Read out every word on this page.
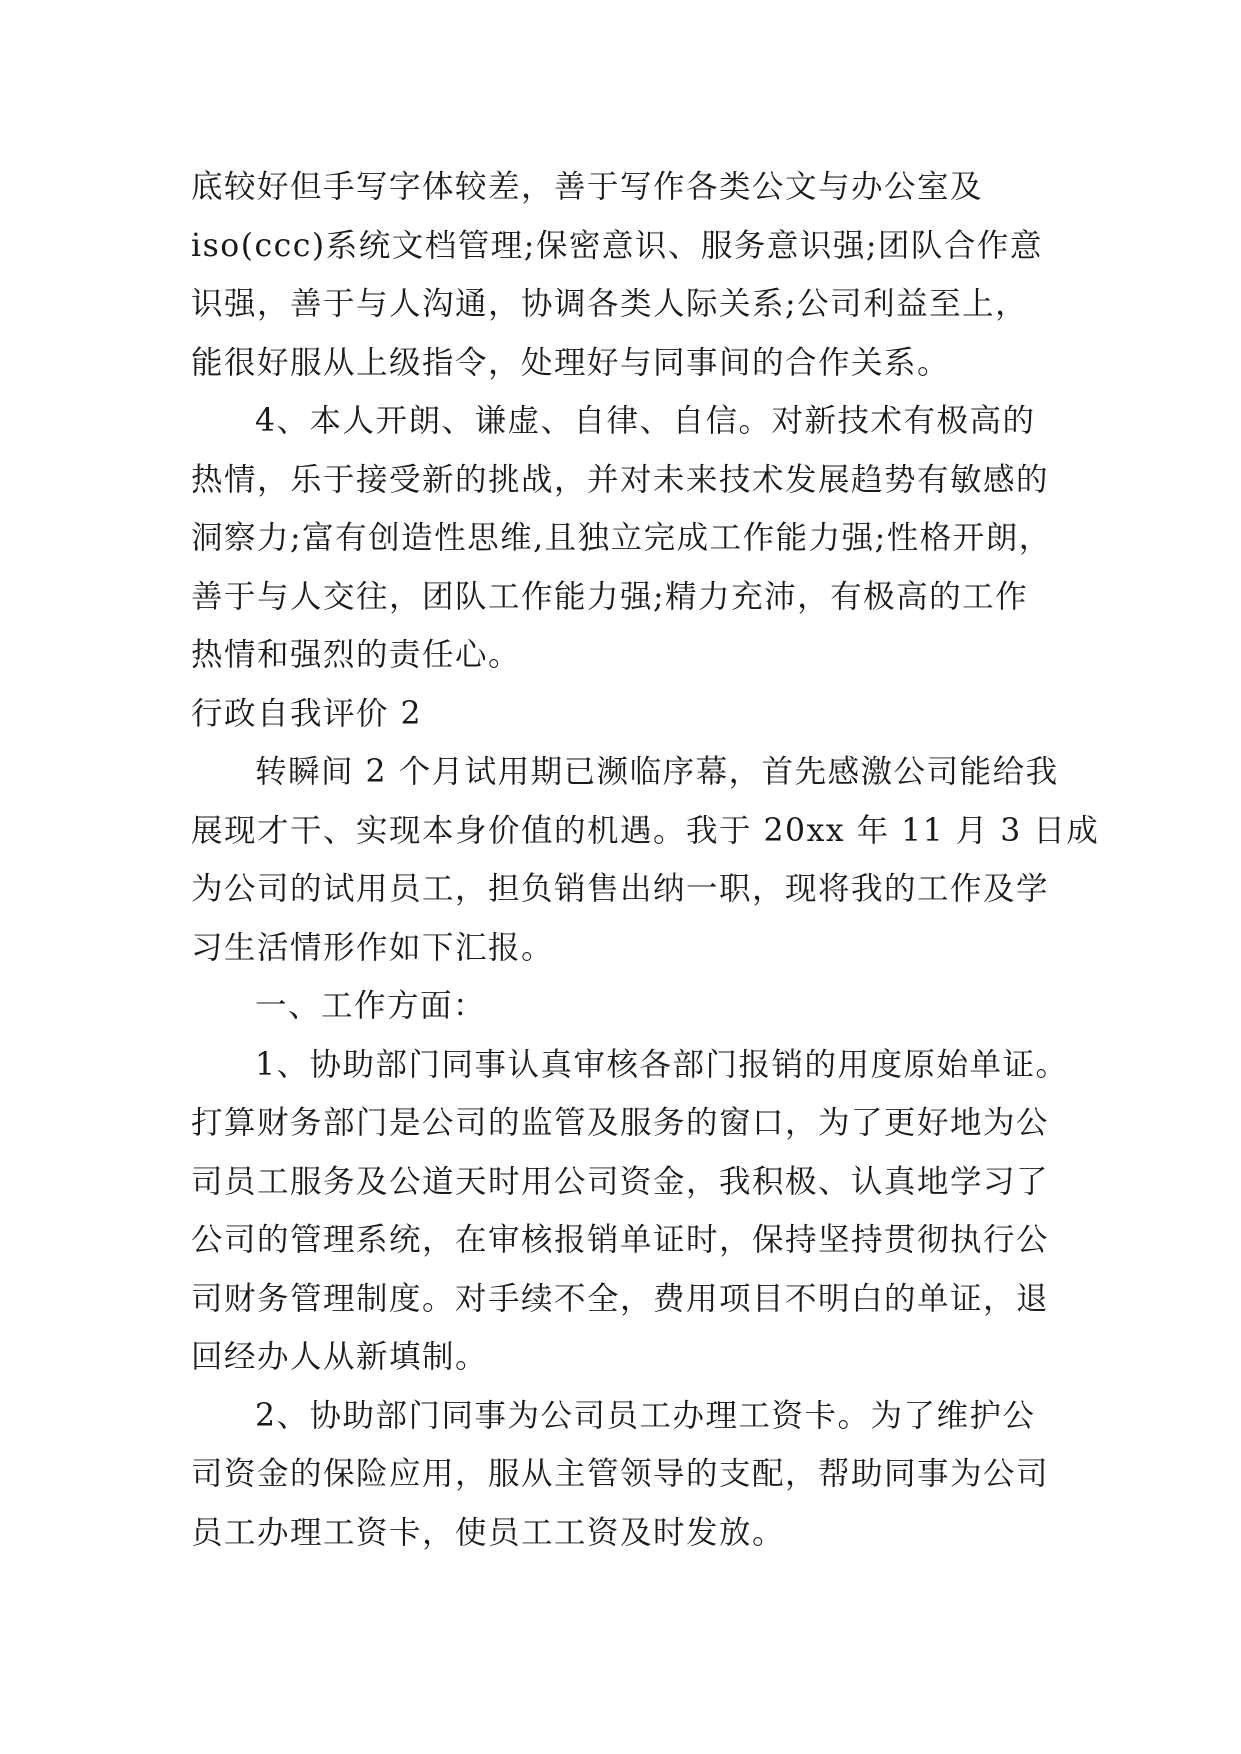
底较好但手写字体较差，善于写作各类公文与办公室及
iso(ccc)系统文档管理;保密意识、服务意识强;团队合作意
识强，善于与人沟通，协调各类人际关系;公司利益至上，
能很好服从上级指令，处理好与同事间的合作关系。
4、本人开朗、谦虚、自律、自信。对新技术有极高的
热情，乐于接受新的挑战，并对未来技术发展趋势有敏感的
洞察力;富有创造性思维,且独立完成工作能力强;性格开朗，
善于与人交往，团队工作能力强;精力充沛，有极高的工作
热情和强烈的责任心。
行政自我评价 2
转瞬间 2 个月试用期已濒临序幕，首先感激公司能给我
展现才干、实现本身价值的机遇。我于 20xx 年 11 月 3 日成
为公司的试用员工，担负销售出纳一职，现将我的工作及学
习生活情形作如下汇报。
一、工作方面：
1、协助部门同事认真审核各部门报销的用度原始单证。
打算财务部门是公司的监管及服务的窗口，为了更好地为公
司员工服务及公道天时用公司资金，我积极、认真地学习了
公司的管理系统，在审核报销单证时，保持坚持贯彻执行公
司财务管理制度。对手续不全，费用项目不明白的单证，退
回经办人从新填制。
2、协助部门同事为公司员工办理工资卡。为了维护公
司资金的保险应用，服从主管领导的支配，帮助同事为公司
员工办理工资卡，使员工工资及时发放。
